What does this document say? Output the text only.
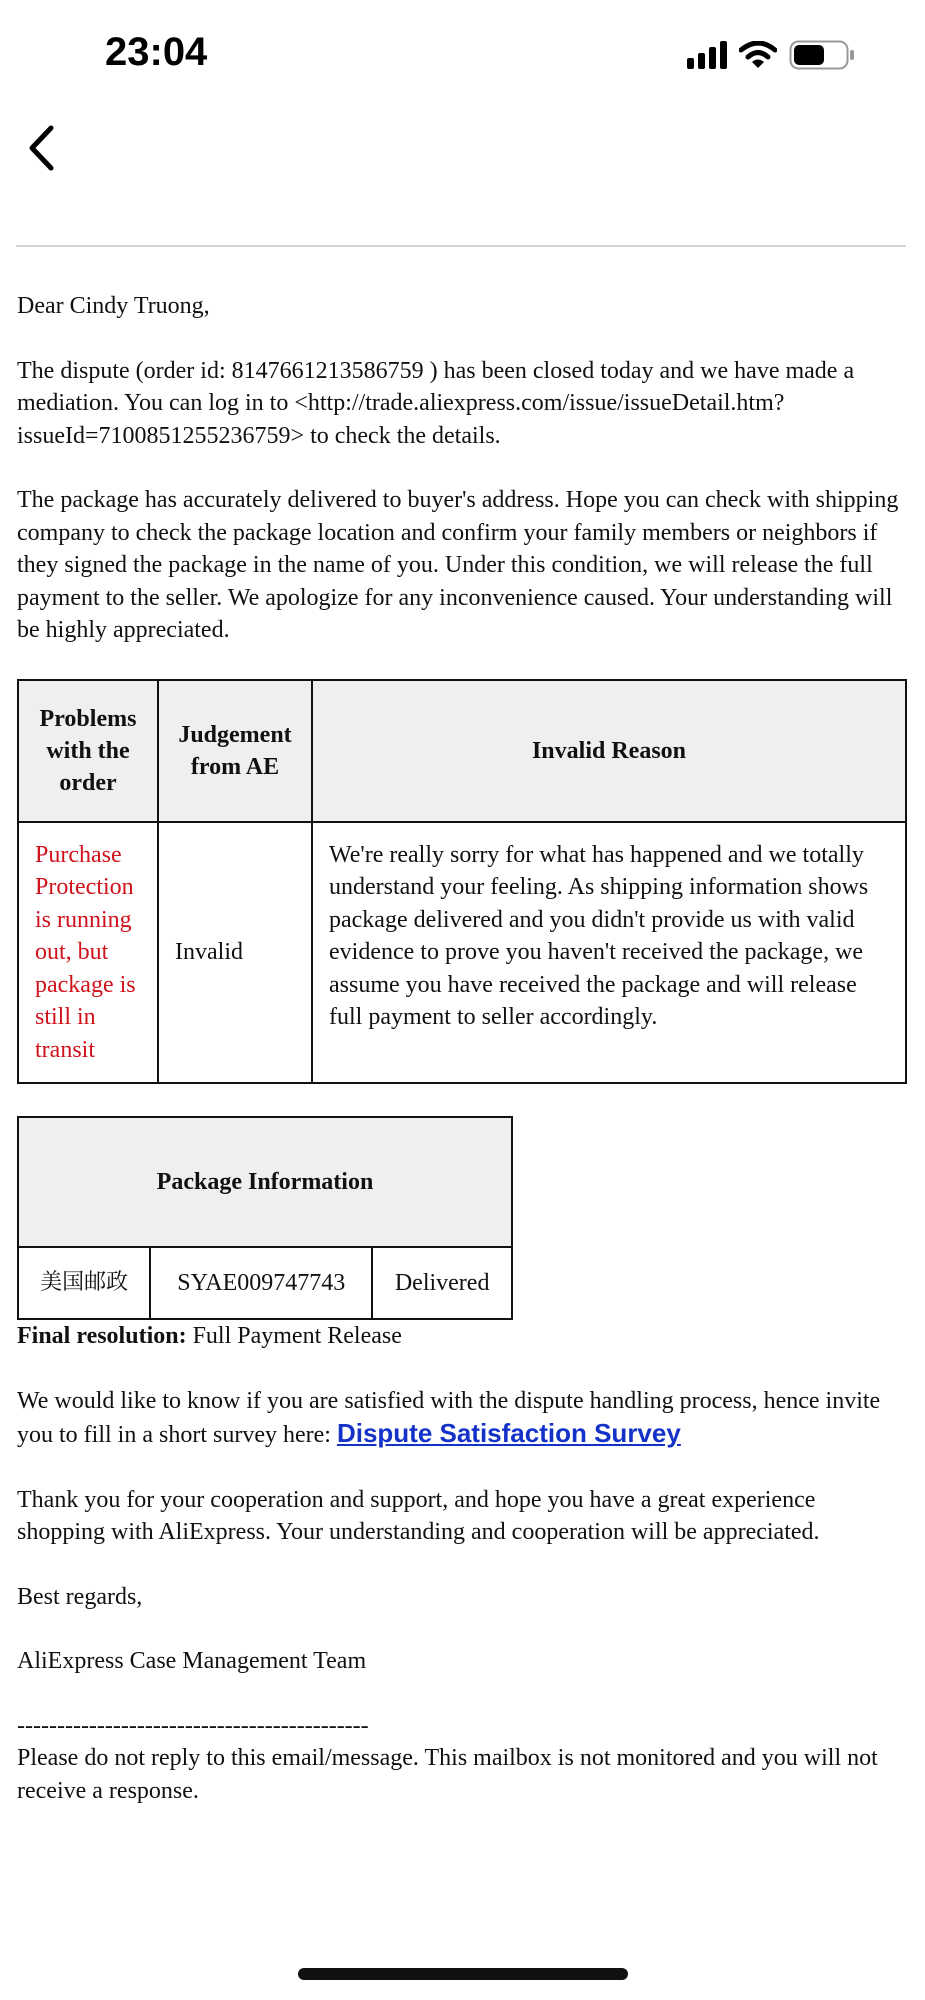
23:04

Dear Cindy Truong,

The dispute (order id: 8147661213586759 ) has been closed today and we have made a mediation. You can log in to <http://trade.aliexpress.com/issue/issueDetail.htm?issueId=7100851255236759> to check the details.

The package has accurately delivered to buyer's address. Hope you can check with shipping company to check the package location and confirm your family members or neighbors if they signed the package in the name of you. Under this condition, we will release the full payment to the seller. We apologize for any inconvenience caused. Your understanding will be highly appreciated.

Problems with the order	Judgement from AE	Invalid Reason
Purchase Protection is running out, but package is still in transit	Invalid	We're really sorry for what has happened and we totally understand your feeling. As shipping information shows package delivered and you didn't provide us with valid evidence to prove you haven't received the package, we assume you have received the package and will release full payment to seller accordingly.
Package Information
美国邮政	SYAE009747743	Delivered

Final resolution: Full Payment Release

We would like to know if you are satisfied with the dispute handling process, hence invite you to fill in a short survey here: Dispute Satisfaction Survey

Thank you for your cooperation and support, and hope you have a great experience shopping with AliExpress. Your understanding and cooperation will be appreciated.

Best regards,

AliExpress Case Management Team

--------------------------------------------

Please do not reply to this email/message. This mailbox is not monitored and you will not receive a response.
